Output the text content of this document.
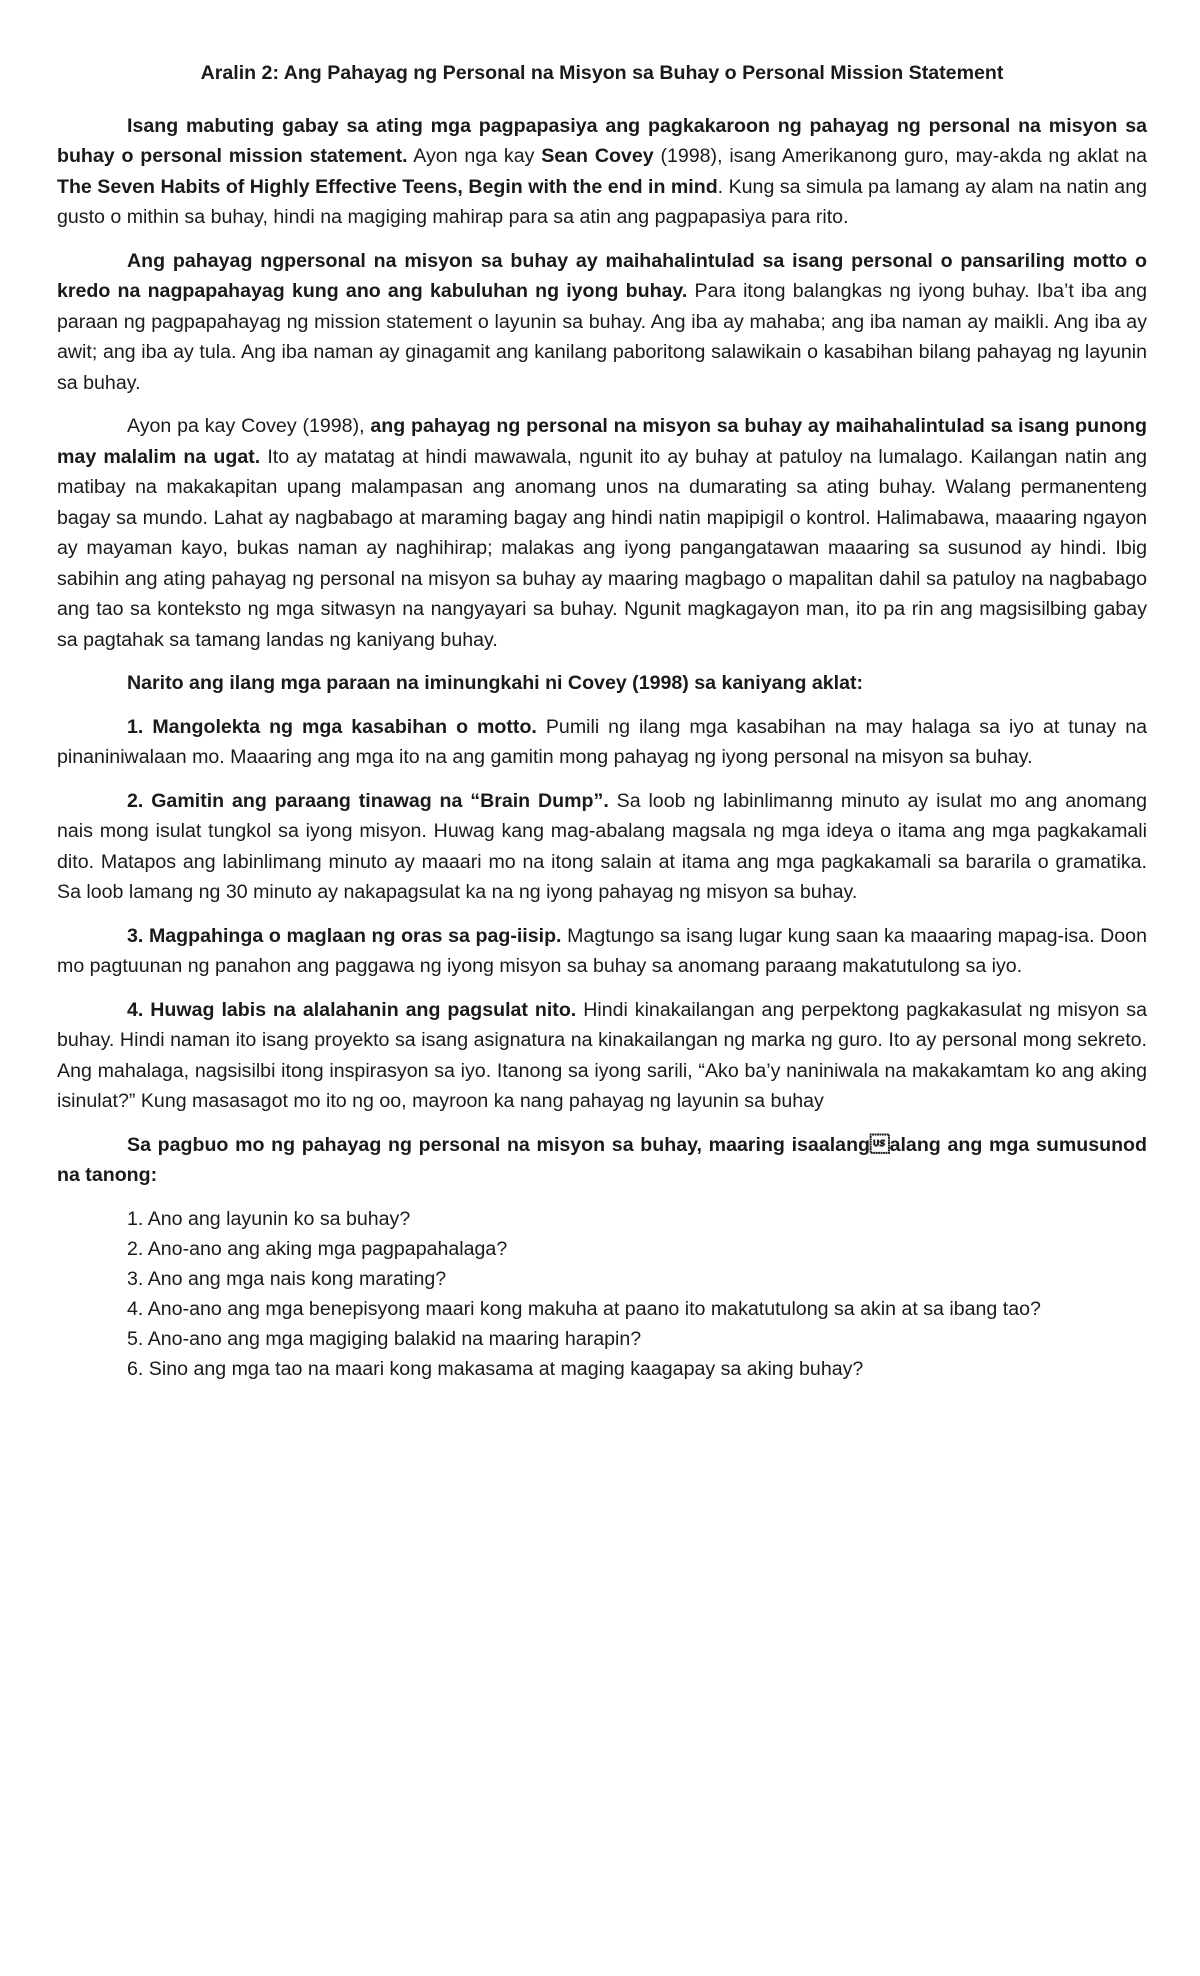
Aralin 2: Ang Pahayag ng Personal na Misyon sa Buhay o Personal Mission Statement

Isang mabuting gabay sa ating mga pagpapasiya ang pagkakaroon ng pahayag ng personal na misyon sa buhay o personal mission statement. Ayon nga kay Sean Covey (1998), isang Amerikanong guro, may-akda ng aklat na The Seven Habits of Highly Effective Teens, Begin with the end in mind. Kung sa simula pa lamang ay alam na natin ang gusto o mithin sa buhay, hindi na magiging mahirap para sa atin ang pagpapasiya para rito.

Ang pahayag ngpersonal na misyon sa buhay ay maihahalintulad sa isang personal o pansariling motto o kredo na nagpapahayag kung ano ang kabuluhan ng iyong buhay. Para itong balangkas ng iyong buhay. Iba’t iba ang paraan ng pagpapahayag ng mission statement o layunin sa buhay. Ang iba ay mahaba; ang iba naman ay maikli. Ang iba ay awit; ang iba ay tula. Ang iba naman ay ginagamit ang kanilang paboritong salawikain o kasabihan bilang pahayag ng layunin sa buhay.

Ayon pa kay Covey (1998), ang pahayag ng personal na misyon sa buhay ay maihahalintulad sa isang punong may malalim na ugat. Ito ay matatag at hindi mawawala, ngunit ito ay buhay at patuloy na lumalago. Kailangan natin ang matibay na makakapitan upang malampasan ang anomang unos na dumarating sa ating buhay. Walang permanenteng bagay sa mundo. Lahat ay nagbabago at maraming bagay ang hindi natin mapipigil o kontrol. Halimabawa, maaaring ngayon ay mayaman kayo, bukas naman ay naghihirap; malakas ang iyong pangangatawan maaaring sa susunod ay hindi. Ibig sabihin ang ating pahayag ng personal na misyon sa buhay ay maaring magbago o mapalitan dahil sa patuloy na nagbabago ang tao sa konteksto ng mga sitwasyn na nangyayari sa buhay. Ngunit magkagayon man, ito pa rin ang magsisilbing gabay sa pagtahak sa tamang landas ng kaniyang buhay.

Narito ang ilang mga paraan na iminungkahi ni Covey (1998) sa kaniyang aklat:

1. Mangolekta ng mga kasabihan o motto. Pumili ng ilang mga kasabihan na may halaga sa iyo at tunay na pinaniniwalaan mo. Maaaring ang mga ito na ang gamitin mong pahayag ng iyong personal na misyon sa buhay.

2. Gamitin ang paraang tinawag na “Brain Dump”. Sa loob ng labinlimanng minuto ay isulat mo ang anomang nais mong isulat tungkol sa iyong misyon. Huwag kang mag-abalang magsala ng mga ideya o itama ang mga pagkakamali dito. Matapos ang labinlimang minuto ay maaari mo na itong salain at itama ang mga pagkakamali sa bararila o gramatika. Sa loob lamang ng 30 minuto ay nakapagsulat ka na ng iyong pahayag ng misyon sa buhay.

3. Magpahinga o maglaan ng oras sa pag-iisip. Magtungo sa isang lugar kung saan ka maaaring mapag-isa. Doon mo pagtuunan ng panahon ang paggawa ng iyong misyon sa buhay sa anomang paraang makatutulong sa iyo.

4. Huwag labis na alalahanin ang pagsulat nito. Hindi kinakailangan ang perpektong pagkakasulat ng misyon sa buhay. Hindi naman ito isang proyekto sa isang asignatura na kinakailangan ng marka ng guro. Ito ay personal mong sekreto. Ang mahalaga, nagsisilbi itong inspirasyon sa iyo. Itanong sa iyong sarili, “Ako ba’y naniniwala na makakamtam ko ang aking isinulat?” Kung masasagot mo ito ng oo, mayroon ka nang pahayag ng layunin sa buhay

Sa pagbuo mo ng pahayag ng personal na misyon sa buhay, maaring isaalangalang ang mga sumusunod na tanong:

1. Ano ang layunin ko sa buhay?
2. Ano-ano ang aking mga pagpapahalaga?
3. Ano ang mga nais kong marating?
4. Ano-ano ang mga benepisyong maari kong makuha at paano ito makatutulong sa akin at sa ibang tao?
5. Ano-ano ang mga magiging balakid na maaring harapin?
6. Sino ang mga tao na maari kong makasama at maging kaagapay sa aking buhay?
